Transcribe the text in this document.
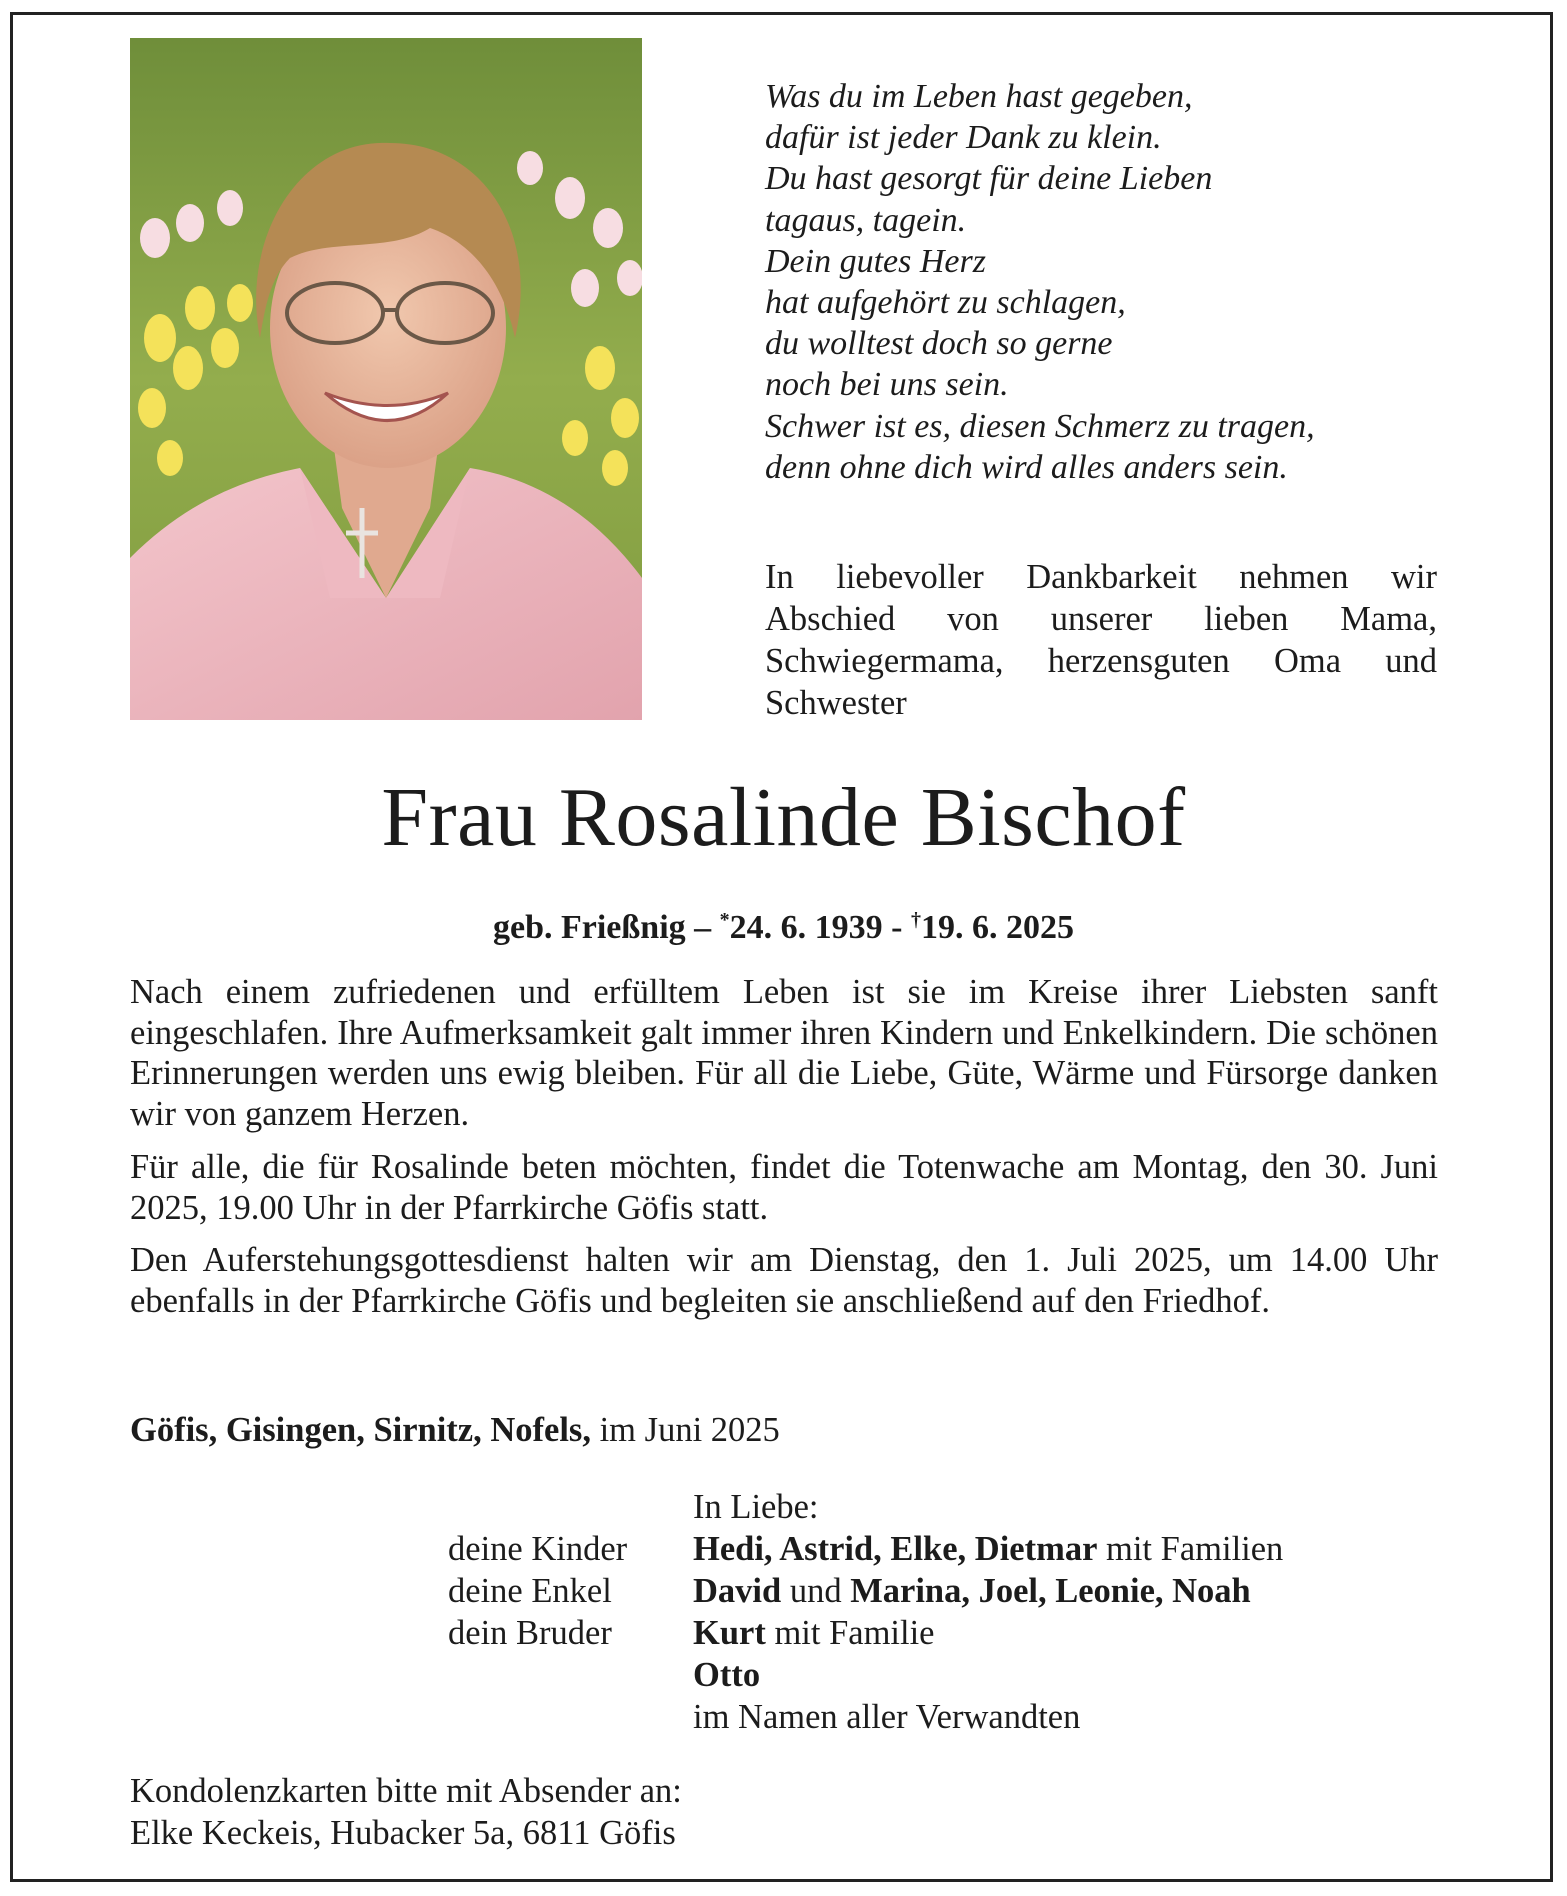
Was du im Leben hast gegeben,
dafür ist jeder Dank zu klein.
Du hast gesorgt für deine Lieben
tagaus, tagein.
Dein gutes Herz
hat aufgehört zu schlagen,
du wolltest doch so gerne
noch bei uns sein.
Schwer ist es, diesen Schmerz zu tragen,
denn ohne dich wird alles anders sein.
In liebevoller Dankbarkeit nehmen wir Abschied von unserer lieben Mama, Schwiegermama, herzensguten Oma und Schwester
Frau Rosalinde Bischof
geb. Frießnig – *24. 6. 1939 - †19. 6. 2025

Nach einem zufriedenen und erfülltem Leben ist sie im Kreise ihrer Liebsten sanft eingeschlafen. Ihre Aufmerksamkeit galt immer ihren Kindern und Enkelkindern. Die schönen Erinnerungen werden uns ewig bleiben. Für all die Liebe, Güte, Wärme und Fürsorge danken wir von ganzem Herzen.

Für alle, die für Rosalinde beten möchten, findet die Totenwache am Montag, den 30. Juni 2025, 19.00 Uhr in der Pfarrkirche Göfis statt.

Den Auferstehungsgottesdienst halten wir am Dienstag, den 1. Juli 2025, um 14.00 Uhr ebenfalls in der Pfarrkirche Göfis und begleiten sie anschließend auf den Friedhof.

Göfis, Gisingen, Sirnitz, Nofels, im Juni 2025
In Liebe:
deine Kinder Hedi, Astrid, Elke, Dietmar mit Familien
deine Enkel David und Marina, Joel, Leonie, Noah
dein Bruder Kurt mit Familie
Otto
im Namen aller Verwandten
Kondolenzkarten bitte mit Absender an:
Elke Keckeis, Hubacker 5a, 6811 Göfis
